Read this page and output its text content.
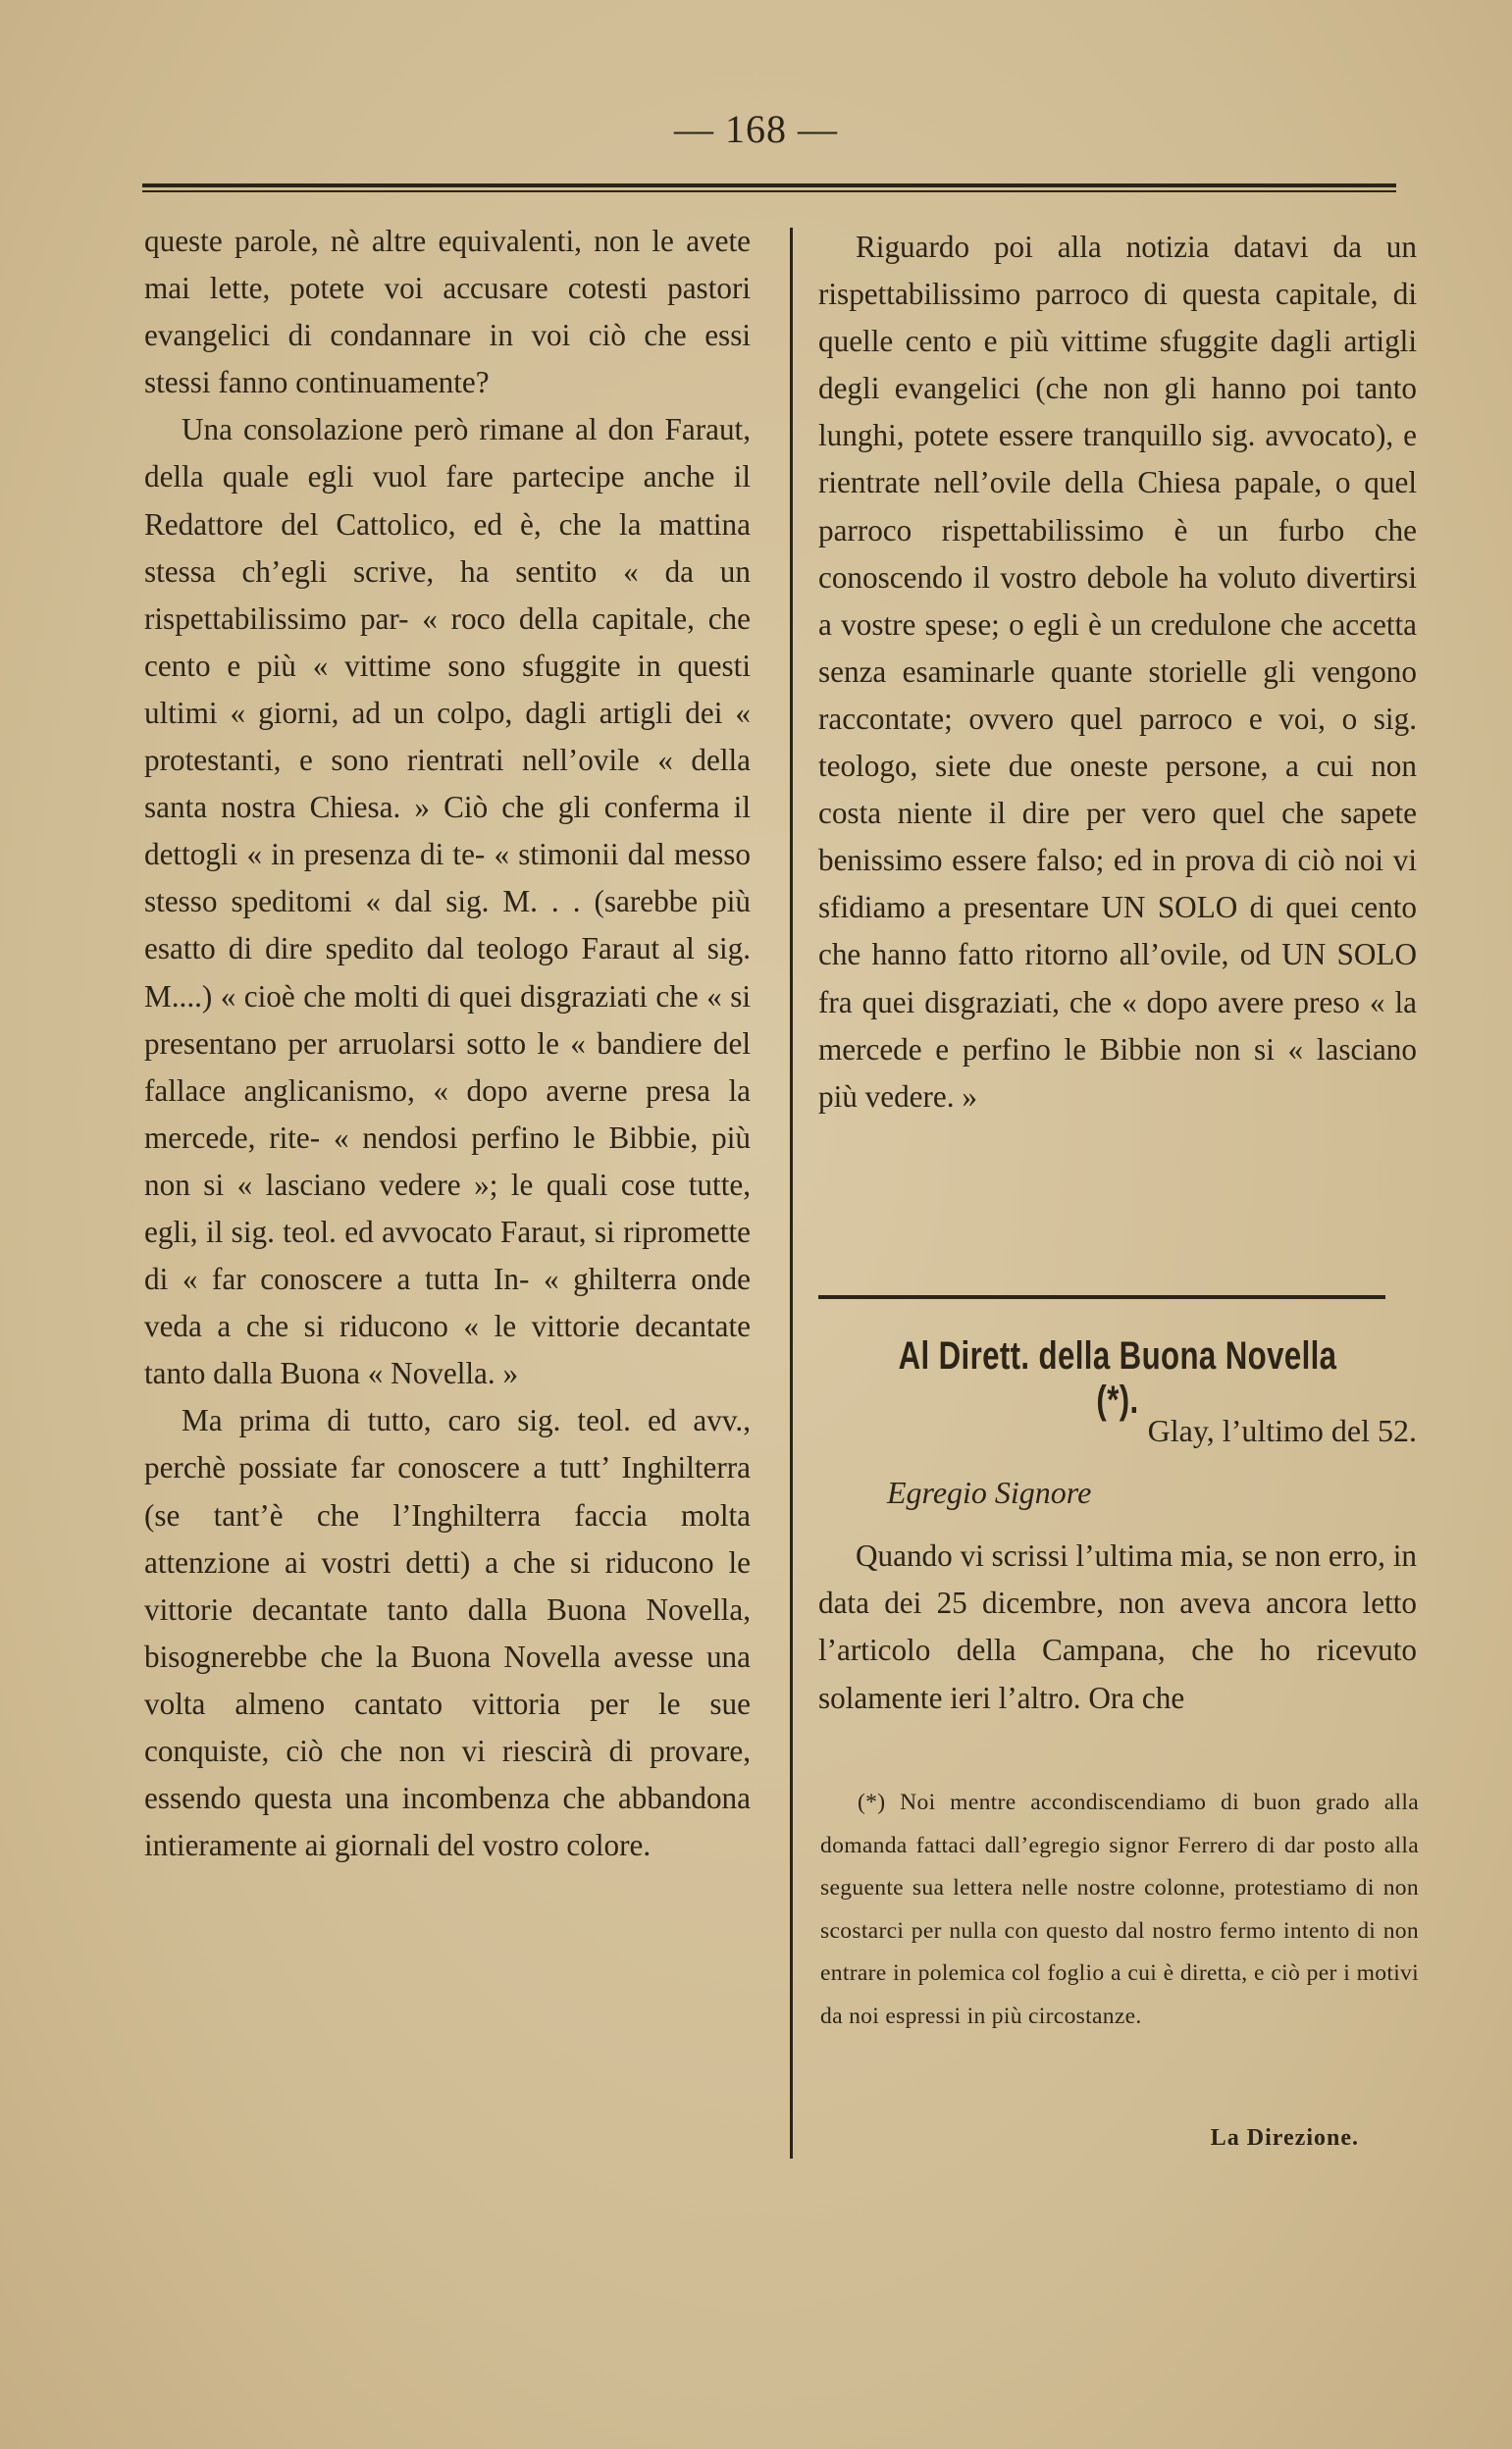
— 168 —

queste parole, nè altre equivalenti, non le avete mai lette, potete voi accusare cotesti pastori evangelici di condannare in voi ciò che essi stessi fanno continuamente?

Una consolazione però rimane al don Faraut, della quale egli vuol fare partecipe anche il Redattore del Cattolico, ed è, che la mattina stessa ch’egli scrive, ha sentito « da un rispettabilissimo par- « roco della capitale, che cento e più « vittime sono sfuggite in questi ultimi « giorni, ad un colpo, dagli artigli dei « protestanti, e sono rientrati nell’ovile « della santa nostra Chiesa. » Ciò che gli conferma il dettogli « in presenza di te- « stimonii dal messo stesso speditomi « dal sig. M. . . (sarebbe più esatto di dire spedito dal teologo Faraut al sig. M....) « cioè che molti di quei disgraziati che « si presentano per arruolarsi sotto le « bandiere del fallace anglicanismo, « dopo averne presa la mercede, rite- « nendosi perfino le Bibbie, più non si « lasciano vedere »; le quali cose tutte, egli, il sig. teol. ed avvocato Faraut, si ripromette di « far conoscere a tutta In- « ghilterra onde veda a che si riducono « le vittorie decantate tanto dalla Buona « Novella. »

Ma prima di tutto, caro sig. teol. ed avv., perchè possiate far conoscere a tutt’ Inghilterra (se tant’è che l’Inghilterra faccia molta attenzione ai vostri detti) a che si riducono le vittorie decantate tanto dalla Buona Novella, bisognerebbe che la Buona Novella avesse una volta almeno cantato vittoria per le sue conquiste, ciò che non vi riescirà di provare, essendo questa una incombenza che abbandona intieramente ai giornali del vostro colore.

Riguardo poi alla notizia datavi da un rispettabilissimo parroco di questa capitale, di quelle cento e più vittime sfuggite dagli artigli degli evangelici (che non gli hanno poi tanto lunghi, potete essere tranquillo sig. avvocato), e rientrate nell’ovile della Chiesa papale, o quel parroco rispettabilissimo è un furbo che conoscendo il vostro debole ha voluto divertirsi a vostre spese; o egli è un credulone che accetta senza esaminarle quante storielle gli vengono raccontate; ovvero quel parroco e voi, o sig. teologo, siete due oneste persone, a cui non costa niente il dire per vero quel che sapete benissimo essere falso; ed in prova di ciò noi vi sfidiamo a presentare UN SOLO di quei cento che hanno fatto ritorno all’ovile, od UN SOLO fra quei disgraziati, che « dopo avere preso « la mercede e perfino le Bibbie non si « lasciano più vedere. »

Al Dirett. della Buona Novella (*).
Glay, l’ultimo del 52.
Egregio Signore
Quando vi scrissi l’ultima mia, se non erro, in data dei 25 dicembre, non aveva ancora letto l’articolo della Campana, che ho ricevuto solamente ieri l’altro. Ora che
(*) Noi mentre accondiscendiamo di buon grado alla domanda fattaci dall’egregio signor Ferrero di dar posto alla seguente sua lettera nelle nostre colonne, protestiamo di non scostarci per nulla con questo dal nostro fermo intento di non entrare in polemica col foglio a cui è diretta, e ciò per i motivi da noi espressi in più circostanze.
La Direzione.
